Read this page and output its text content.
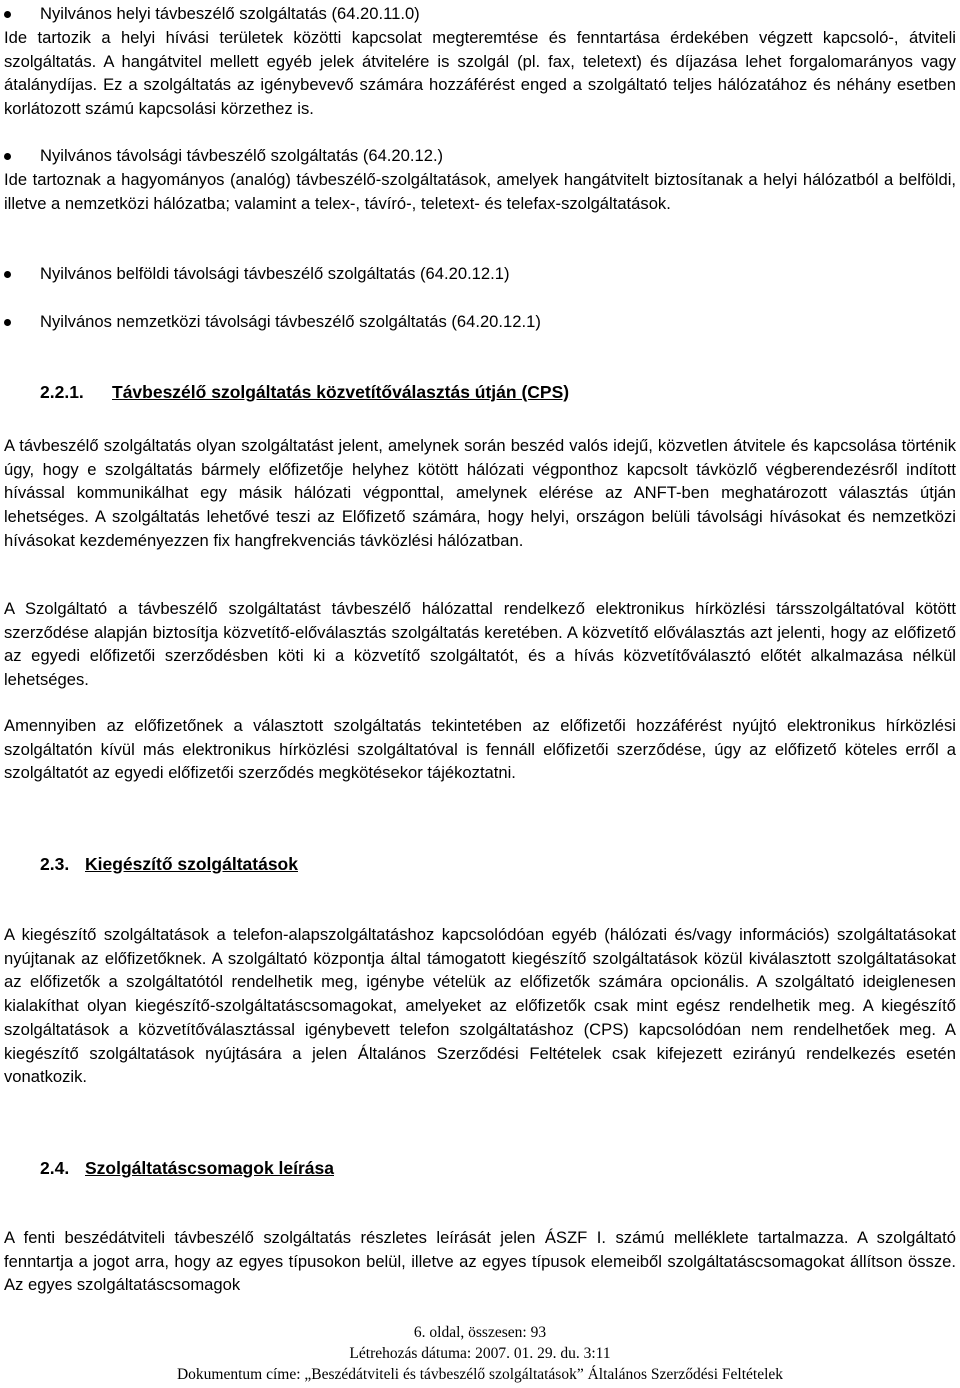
Nyilvános helyi távbeszélő szolgáltatás (64.20.11.0)

Ide tartozik a helyi hívási területek közötti kapcsolat megteremtése és fenntartása érdekében végzett kapcsoló-, átviteli szolgáltatás. A hangátvitel mellett egyéb jelek átvitelére is szolgál (pl. fax, teletext) és díjazása lehet forgalomarányos vagy átalánydíjas. Ez a szolgáltatás az igénybevevő számára hozzáférést enged a szolgáltató teljes hálózatához és néhány esetben korlátozott számú kapcsolási körzethez is.

Nyilvános távolsági távbeszélő szolgáltatás (64.20.12.)

Ide tartoznak a hagyományos (analóg) távbeszélő-szolgáltatások, amelyek hangátvitelt biztosítanak a helyi hálózatból a belföldi, illetve a nemzetközi hálózatba; valamint a telex-, távíró-, teletext- és telefax-szolgáltatások.

Nyilvános belföldi távolsági távbeszélő szolgáltatás (64.20.12.1)
Nyilvános nemzetközi távolsági távbeszélő szolgáltatás (64.20.12.1)
2.2.1. Távbeszélő szolgáltatás közvetítőválasztás útján (CPS)

A távbeszélő szolgáltatás olyan szolgáltatást jelent, amelynek során beszéd valós idejű, közvetlen átvitele és kapcsolása történik úgy, hogy e szolgáltatás bármely előfizetője helyhez kötött hálózati végponthoz kapcsolt távközlő végberendezésről indított hívással kommunikálhat egy másik hálózati végponttal, amelynek elérése az ANFT-ben meghatározott választás útján lehetséges. A szolgáltatás lehetővé teszi az Előfizető számára, hogy helyi, országon belüli távolsági hívásokat és nemzetközi hívásokat kezdeményezzen fix hangfrekvenciás távközlési hálózatban.

A Szolgáltató a távbeszélő szolgáltatást távbeszélő hálózattal rendelkező elektronikus hírközlési társszolgáltatóval kötött szerződése alapján biztosítja közvetítő-előválasztás szolgáltatás keretében. A közvetítő előválasztás azt jelenti, hogy az előfizető az egyedi előfizetői szerződésben köti ki a közvetítő szolgáltatót, és a hívás közvetítőválasztó előtét alkalmazása nélkül lehetséges.

Amennyiben az előfizetőnek a választott szolgáltatás tekintetében az előfizetői hozzáférést nyújtó elektronikus hírközlési szolgáltatón kívül más elektronikus hírközlési szolgáltatóval is fennáll előfizetői szerződése, úgy az előfizető köteles erről a szolgáltatót az egyedi előfizetői szerződés megkötésekor tájékoztatni.

2.3. Kiegészítő szolgáltatások

A kiegészítő szolgáltatások a telefon-alapszolgáltatáshoz kapcsolódóan egyéb (hálózati és/vagy információs) szolgáltatásokat nyújtanak az előfizetőknek. A szolgáltató központja által támogatott kiegészítő szolgáltatások közül kiválasztott szolgáltatásokat az előfizetők a szolgáltatótól rendelhetik meg, igénybe vételük az előfizetők számára opcionális. A szolgáltató ideiglenesen kialakíthat olyan kiegészítő-szolgáltatáscsomagokat, amelyeket az előfizetők csak mint egész rendelhetik meg. A kiegészítő szolgáltatások a közvetítőválasztással igénybevett telefon szolgáltatáshoz (CPS) kapcsolódóan nem rendelhetőek meg. A kiegészítő szolgáltatások nyújtására a jelen Általános Szerződési Feltételek csak kifejezett ezirányú rendelkezés esetén vonatkozik.

2.4. Szolgáltatáscsomagok leírása

A fenti beszédátviteli távbeszélő szolgáltatás részletes leírását jelen ÁSZF I. számú melléklete tartalmazza. A szolgáltató fenntartja a jogot arra, hogy az egyes típusokon belül, illetve az egyes típusok elemeiből szolgáltatáscsomagokat állítson össze. Az egyes szolgáltatáscsomagok

6. oldal, összesen: 93
Létrehozás dátuma: 2007. 01. 29. du. 3:11
Dokumentum címe: „Beszédátviteli és távbeszélő szolgáltatások” Általános Szerződési Feltételek
